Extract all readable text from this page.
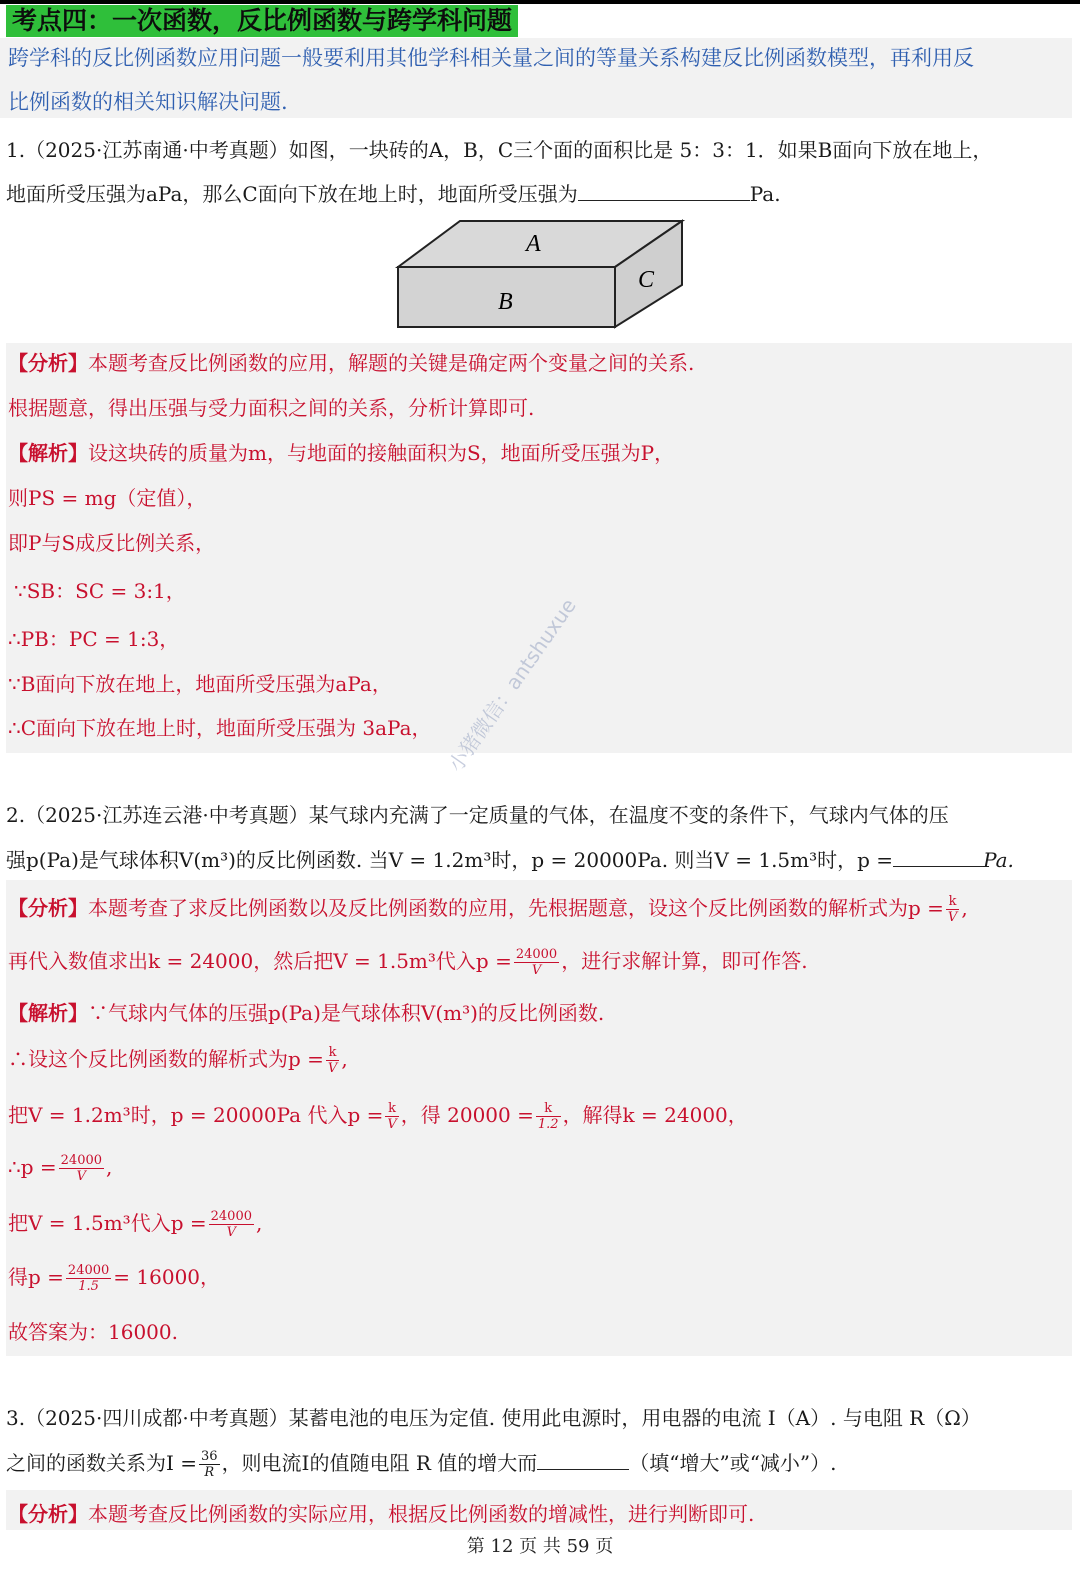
考点四：一次函数，反比例函数与跨学科问题
跨学科的反比例函数应用问题一般要利用其他学科相关量之间的等量关系构建反比例函数模型，再利用反
比例函数的相关知识解决问题.
1.（2025·江苏南通·中考真题）如图，一块砖的A，B，C三个面的面积比是 5：3：1．如果B面向下放在地上，
地面所受压强为aPa，那么C面向下放在地上时，地面所受压强为	Pa.
A
B
C
【分析】本题考查反比例函数的应用，解题的关键是确定两个变量之间的关系.
根据题意，得出压强与受力面积之间的关系，分析计算即可.
【解析】设这块砖的质量为m，与地面的接触面积为S，地面所受压强为P，
则PS = mg（定值），
即P与S成反比例关系，
∵SB：SC = 3:1，
∴PB：PC = 1:3，
∵B面向下放在地上，地面所受压强为aPa，
∴C面向下放在地上时，地面所受压强为 3aPa，
2.（2025·江苏连云港·中考真题）某气球内充满了一定质量的气体，在温度不变的条件下，气球内气体的压
强p(Pa)是气球体积V(m³)的反比例函数. 当V = 1.2m³时，p = 20000Pa. 则当V = 1.5m³时，p =	Pa.
【分析】本题考查了求反比例函数以及反比例函数的应用，先根据题意，设这个反比例函数的解析式为$p = \frac{k}{V}$ ,
再代入数值求出k = 24000，然后把V = 1.5m³代入$p = \frac{24000}{V}$ ，进行求解计算，即可作答.
【解析】∵气球内气体的压强p(Pa)是气球体积V(m³)的反比例函数.
∴设这个反比例函数的解析式为$p = \frac{k}{V}$ ,
把V = 1.2m³时，p = 20000Pa 代入$p = \frac{k}{V}$ ，得 $20000 = \frac{k}{1.2}$ ，解得k = 24000，
∴p = $\frac{24000}{V}$ ,
把V = 1.5m³代入$p = \frac{24000}{V}$ ,
得$p = \frac{24000}{1.5} = 16000$，
故答案为：16000.
3.（2025·四川成都·中考真题）某蓄电池的电压为定值. 使用此电源时，用电器的电流 I（A）. 与电阻 R（Ω）
之间的函数关系为$I = \frac{36}{R}$ ，则电流I的值随电阻 R 值的增大而	（填“增大”或“减小”）.
【分析】本题考查反比例函数的实际应用，根据反比例函数的增减性，进行判断即可.
小猪微信：antshuxue
第 12 页 共 59 页
